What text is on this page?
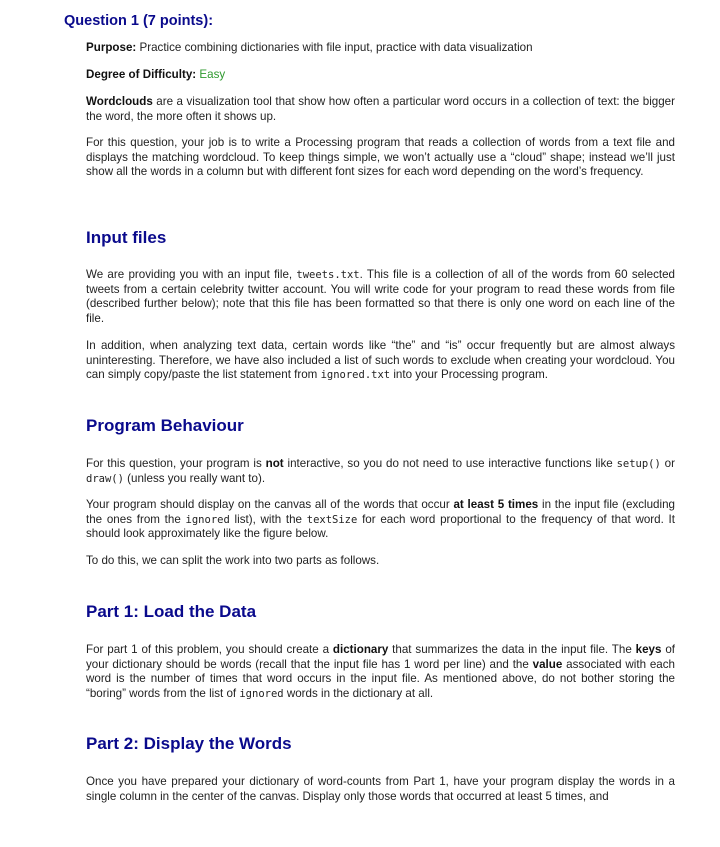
Question 1 (7 points):

Purpose: Practice combining dictionaries with file input, practice with data visualization

Degree of Difficulty: Easy

Wordclouds are a visualization tool that show how often a particular word occurs in a collection of text: the bigger the word, the more often it shows up.

For this question, your job is to write a Processing program that reads a collection of words from a text file and displays the matching wordcloud. To keep things simple, we won’t actually use a “cloud” shape; instead we’ll just show all the words in a column but with different font sizes for each word depending on the word’s frequency.

Input files

We are providing you with an input file, tweets.txt. This file is a collection of all of the words from 60 selected tweets from a certain celebrity twitter account. You will write code for your program to read these words from file (described further below); note that this file has been formatted so that there is only one word on each line of the file.

In addition, when analyzing text data, certain words like “the” and “is” occur frequently but are almost always uninteresting. Therefore, we have also included a list of such words to exclude when creating your wordcloud. You can simply copy/paste the list statement from ignored.txt into your Processing program.

Program Behaviour

For this question, your program is not interactive, so you do not need to use interactive functions like setup() or draw() (unless you really want to).

Your program should display on the canvas all of the words that occur at least 5 times in the input file (excluding the ones from the ignored list), with the textSize for each word proportional to the frequency of that word. It should look approximately like the figure below.

To do this, we can split the work into two parts as follows.

Part 1: Load the Data

For part 1 of this problem, you should create a dictionary that summarizes the data in the input file. The keys of your dictionary should be words (recall that the input file has 1 word per line) and the value associated with each word is the number of times that word occurs in the input file. As mentioned above, do not bother storing the “boring” words from the list of ignored words in the dictionary at all.

Part 2: Display the Words

Once you have prepared your dictionary of word-counts from Part 1, have your program display the words in a single column in the center of the canvas. Display only those words that occurred at least 5 times, and
